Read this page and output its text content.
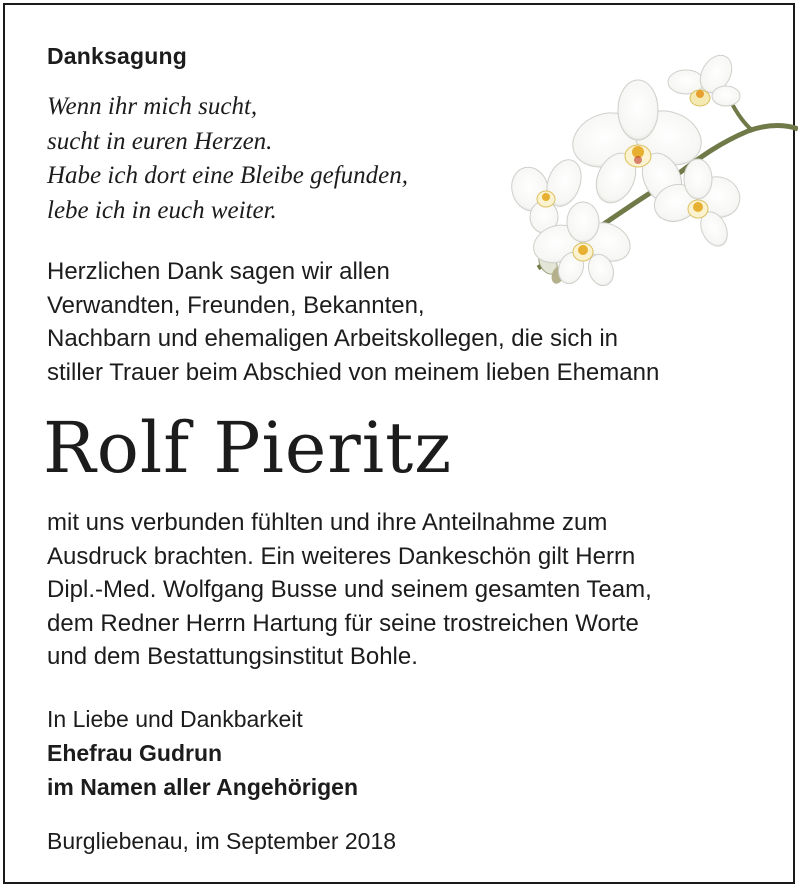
Danksagung
Wenn ihr mich sucht,
sucht in euren Herzen.
Habe ich dort eine Bleibe gefunden,
lebe ich in euch weiter.
Herzlichen Dank sagen wir allen
Verwandten, Freunden, Bekannten,
Nachbarn und ehemaligen Arbeitskollegen, die sich in
stiller Trauer beim Abschied von meinem lieben Ehemann
Rolf Pieritz
mit uns verbunden fühlten und ihre Anteilnahme zum
Ausdruck brachten. Ein weiteres Dankeschön gilt Herrn
Dipl.-Med. Wolfgang Busse und seinem gesamten Team,
dem Redner Herrn Hartung für seine trostreichen Worte
und dem Bestattungsinstitut Bohle.
In Liebe und Dankbarkeit
Ehefrau Gudrun
im Namen aller Angehörigen
Burgliebenau, im September 2018
